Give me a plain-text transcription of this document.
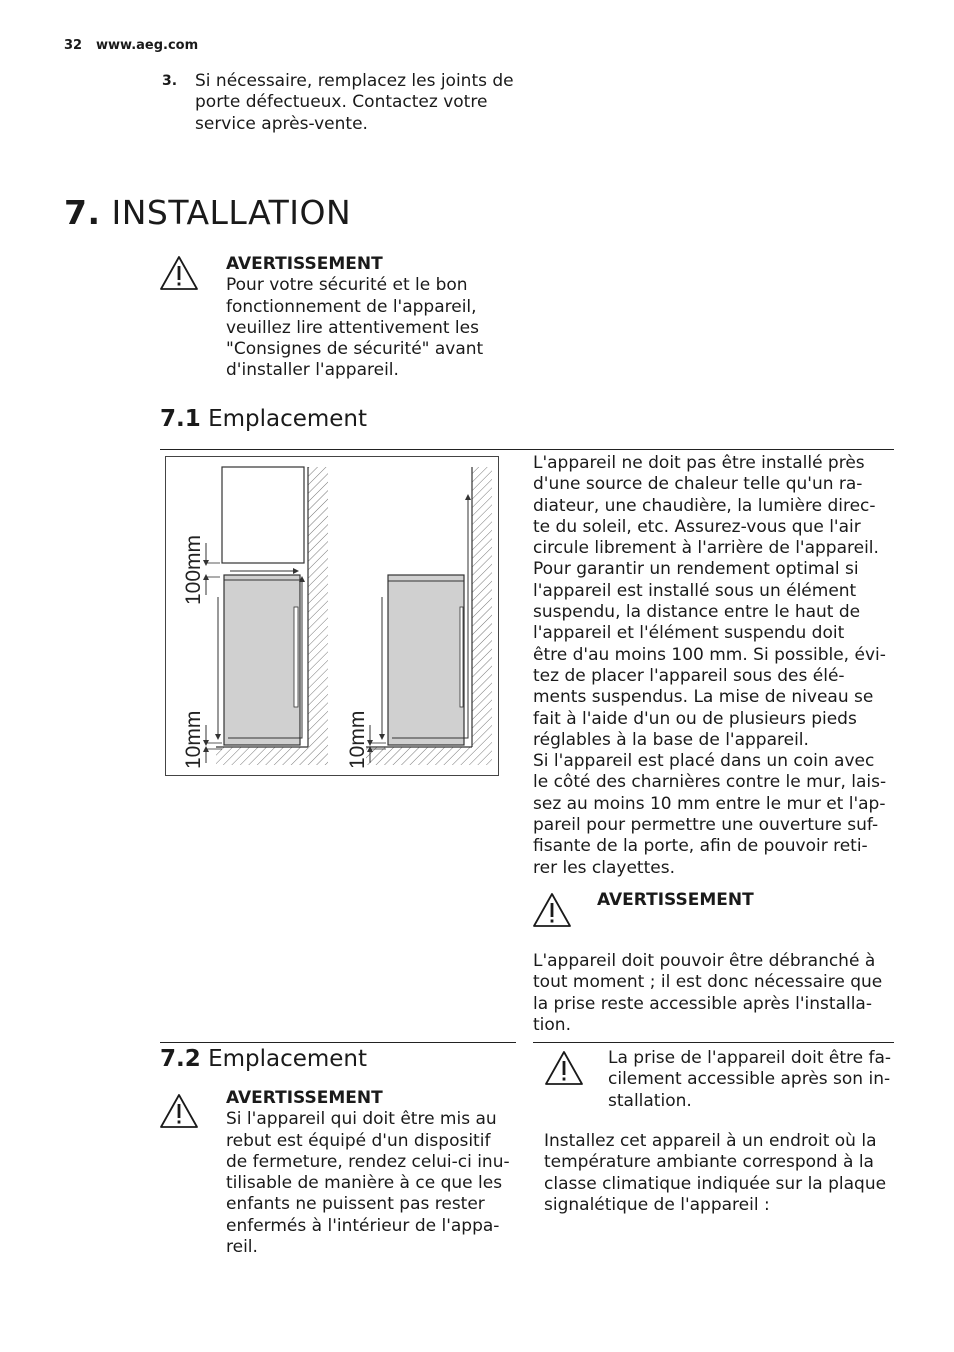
32 www.aeg.com
3. Si nécessaire, remplacez les joints de
porte défectueux. Contactez votre
service après-vente.
7. INSTALLATION
AVERTISSEMENT
Pour votre sécurité et le bon
fonctionnement de l'appareil,
veuillez lire attentivement les
"Consignes de sécurité" avant
d'installer l'appareil.
7.1 Emplacement
100mm
10mm	10mm
L'appareil ne doit pas être installé près
d'une source de chaleur telle qu'un ra-
diateur, une chaudière, la lumière direc-
te du soleil, etc. Assurez-vous que l'air
circule librement à l'arrière de l'appareil.
Pour garantir un rendement optimal si
l'appareil est installé sous un élément
suspendu, la distance entre le haut de
l'appareil et l'élément suspendu doit
être d'au moins 100 mm. Si possible, évi-
tez de placer l'appareil sous des élé-
ments suspendus. La mise de niveau se
fait à l'aide d'un ou de plusieurs pieds
réglables à la base de l'appareil.
Si l'appareil est placé dans un coin avec
le côté des charnières contre le mur, lais-
sez au moins 10 mm entre le mur et l'ap-
pareil pour permettre une ouverture suf-
fisante de la porte, afin de pouvoir reti-
rer les clayettes.
AVERTISSEMENT
L'appareil doit pouvoir être débranché à
tout moment ; il est donc nécessaire que
la prise reste accessible après l'installa-
tion.
7.2 Emplacement
AVERTISSEMENT
Si l'appareil qui doit être mis au
rebut est équipé d'un dispositif
de fermeture, rendez celui-ci inu-
tilisable de manière à ce que les
enfants ne puissent pas rester
enfermés à l'intérieur de l'appa-
reil.
La prise de l'appareil doit être fa-
cilement accessible après son in-
stallation.
Installez cet appareil à un endroit où la
température ambiante correspond à la
classe climatique indiquée sur la plaque
signalétique de l'appareil :
